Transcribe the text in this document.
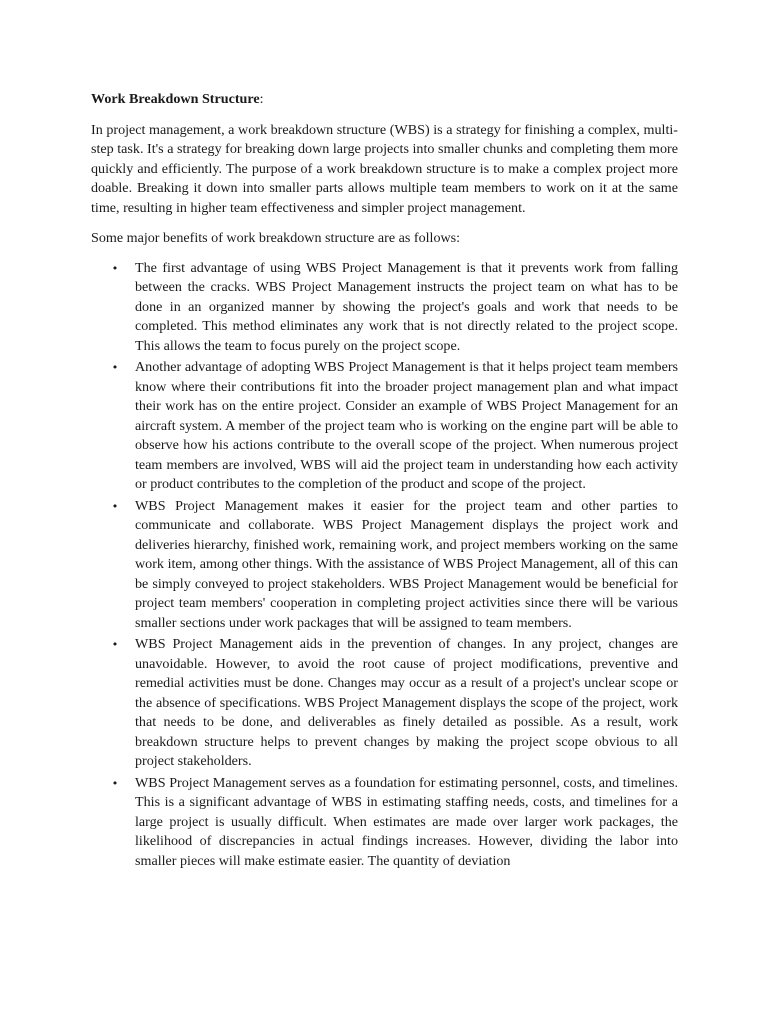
Work Breakdown Structure:

In project management, a work breakdown structure (WBS) is a strategy for finishing a complex, multi-step task. It's a strategy for breaking down large projects into smaller chunks and completing them more quickly and efficiently. The purpose of a work breakdown structure is to make a complex project more doable. Breaking it down into smaller parts allows multiple team members to work on it at the same time, resulting in higher team effectiveness and simpler project management.

Some major benefits of work breakdown structure are as follows:

• The first advantage of using WBS Project Management is that it prevents work from falling between the cracks. WBS Project Management instructs the project team on what has to be done in an organized manner by showing the project's goals and work that needs to be completed. This method eliminates any work that is not directly related to the project scope. This allows the team to focus purely on the project scope.
• Another advantage of adopting WBS Project Management is that it helps project team members know where their contributions fit into the broader project management plan and what impact their work has on the entire project. Consider an example of WBS Project Management for an aircraft system. A member of the project team who is working on the engine part will be able to observe how his actions contribute to the overall scope of the project. When numerous project team members are involved, WBS will aid the project team in understanding how each activity or product contributes to the completion of the product and scope of the project.
• WBS Project Management makes it easier for the project team and other parties to communicate and collaborate. WBS Project Management displays the project work and deliveries hierarchy, finished work, remaining work, and project members working on the same work item, among other things. With the assistance of WBS Project Management, all of this can be simply conveyed to project stakeholders. WBS Project Management would be beneficial for project team members' cooperation in completing project activities since there will be various smaller sections under work packages that will be assigned to team members.
• WBS Project Management aids in the prevention of changes. In any project, changes are unavoidable. However, to avoid the root cause of project modifications, preventive and remedial activities must be done. Changes may occur as a result of a project's unclear scope or the absence of specifications. WBS Project Management displays the scope of the project, work that needs to be done, and deliverables as finely detailed as possible. As a result, work breakdown structure helps to prevent changes by making the project scope obvious to all project stakeholders.
• WBS Project Management serves as a foundation for estimating personnel, costs, and timelines. This is a significant advantage of WBS in estimating staffing needs, costs, and timelines for a large project is usually difficult. When estimates are made over larger work packages, the likelihood of discrepancies in actual findings increases. However, dividing the labor into smaller pieces will make estimate easier. The quantity of deviation
